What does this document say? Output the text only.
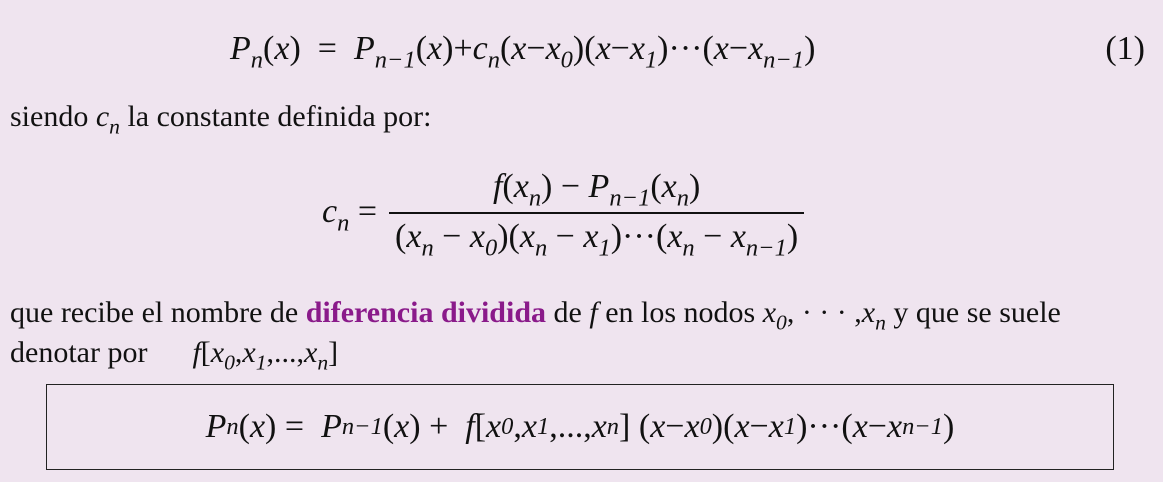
$P_n(x) = P_{n-1}(x)+c_n(x-x_0)(x-x_1)\cdot\cdot\cdot(x-x_{n-1})$	(1)
siendo $c_n$ la constante definida por:
$c_n = \frac{f(x_n) - P_{n-1}(x_n)}{(x_n - x_0)(x_n - x_1)\cdot\cdot\cdot(x_n - x_{n-1})}$
que recibe el nombre de diferencia dividida de f en los nodos $x_0$, · · · $,x_n$ y que se suele
denotar por $f[x_0,x_1,...,x_n]$
P n ( x )
= P n−1 ( x )
+ f [ x 0 , x 1 ,..., x n ]
( x − x 0 )( x − x 1 )···( x − x n−1 )
